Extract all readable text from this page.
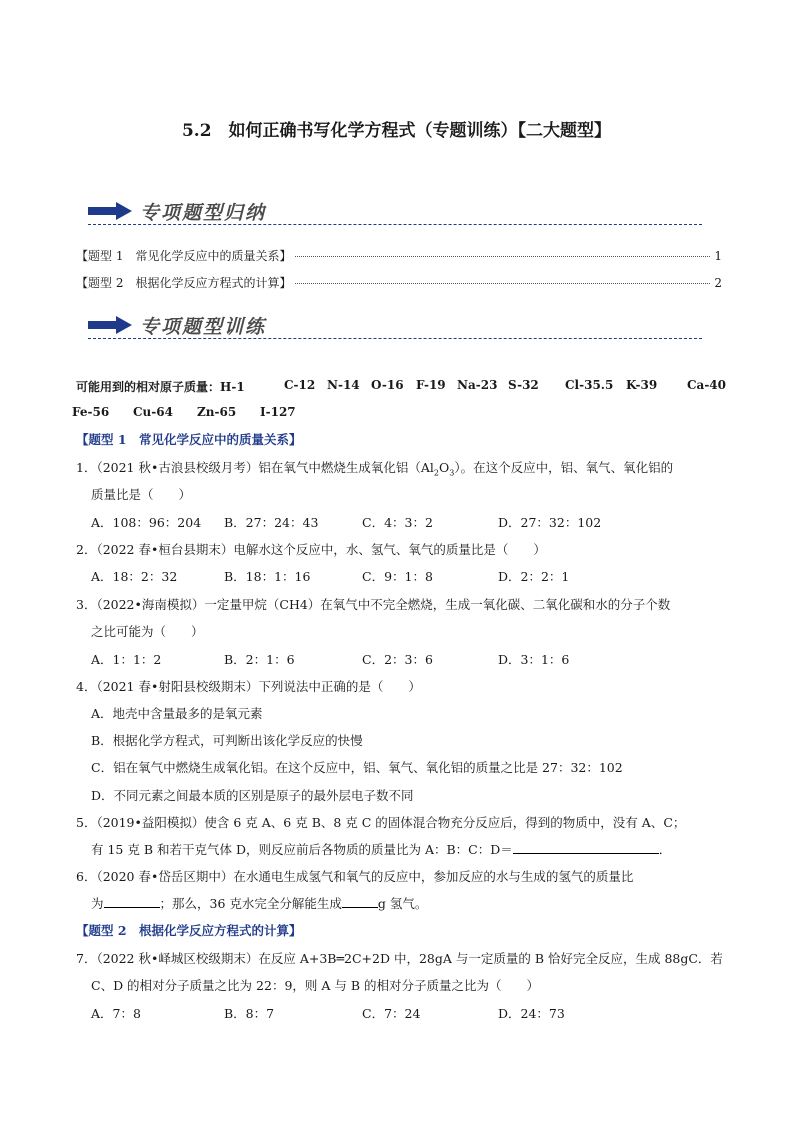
5.2　如何正确书写化学方程式（专题训练）【二大题型】
专项题型归纳
【题型 1　常见化学反应中的质量关系】	1
【题型 2　根据化学反应方程式的计算】	2
专项题型训练
可能用到的相对原子质量：H-1	C-12 N-14 O-16 F-19 Na-23 S-32 Cl-35.5 K-39 Ca-40
Fe-56 Cu-64 Zn-65 I-127
【题型 1　常见化学反应中的质量关系】
1．（2021 秋•古浪县校级月考）铝在氧气中燃烧生成氧化铝$(Al_2O_3)$。在这个反应中，铝、氧气、氧化铝的
质量比是（　　）
A．108：96：204 B．27：24：43	C．4：3：2	D．27：32：102
2．（2022 春•桓台县期末）电解水这个反应中，水、氢气、氧气的质量比是（　　）
A．18：2：32	B．18：1：16	C．9：1：8	D．2：2：1
3．（2022•海南模拟）一定量甲烷（CH4）在氧气中不完全燃烧，生成一氧化碳、二氧化碳和水的分子个数
之比可能为（　　）
A．1：1：2	B．2：1：6	C．2：3：6	D．3：1：6
4．（2021 春•射阳县校级期末）下列说法中正确的是（　　）
A．地壳中含量最多的是氧元素
B．根据化学方程式，可判断出该化学反应的快慢
C．铝在氧气中燃烧生成氧化铝。在这个反应中，铝、氧气、氧化铝的质量之比是 27：32：102
D．不同元素之间最本质的区别是原子的最外层电子数不同
5．（2019•益阳模拟）使含 6 克 A、6 克 B、8 克 C 的固体混合物充分反应后，得到的物质中，没有 A、C；
有 15 克 B 和若干克气体 D，则反应前后各物质的质量比为 A：B：C：D＝	．
6．（2020 春•岱岳区期中）在水通电生成氢气和氧气的反应中，参加反应的水与生成的氢气的质量比
为	；那么，36 克水完全分解能生成	g 氢气。
【题型 2　根据化学反应方程式的计算】
7．（2022 秋•峄城区校级期末）在反应 A+3B═2C+2D 中，28gA 与一定质量的 B 恰好完全反应，生成 88gC．若
C、D 的相对分子质量之比为 22：9，则 A 与 B 的相对分子质量之比为（　　）
A．7：8	B．8：7	C．7：24	D．24：73
